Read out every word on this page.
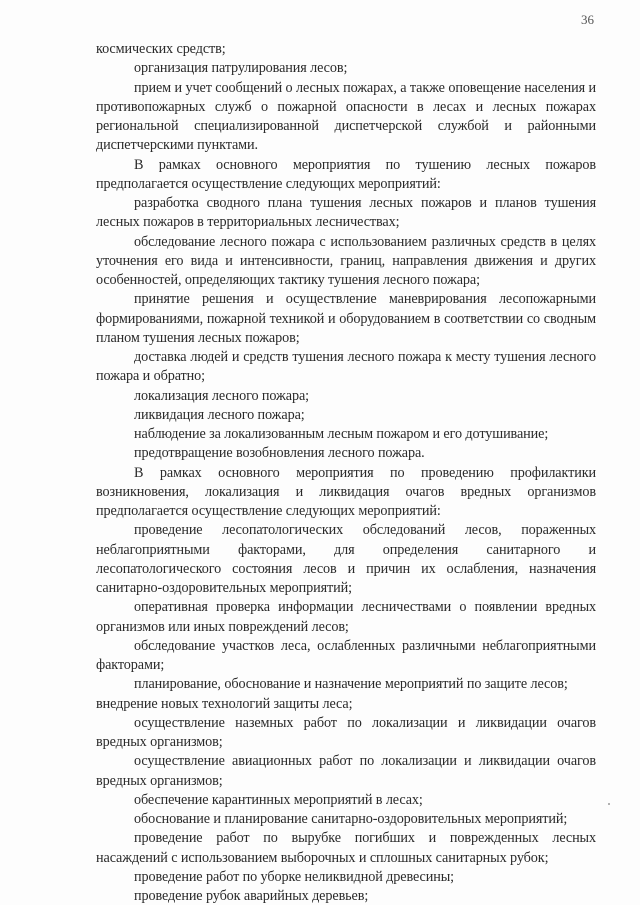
36

космических средств;

организация патрулирования лесов;

прием и учет сообщений о лесных пожарах, а также оповещение населения и противопожарных служб о пожарной опасности в лесах и лесных пожарах региональной специализированной диспетчерской службой и районными диспетчерскими пунктами.

В рамках основного мероприятия по тушению лесных пожаров предполагается осуществление следующих мероприятий:

разработка сводного плана тушения лесных пожаров и планов тушения лесных пожаров в территориальных лесничествах;

обследование лесного пожара с использованием различных средств в целях уточнения его вида и интенсивности, границ, направления движения и других особенностей, определяющих тактику тушения лесного пожара;

принятие решения и осуществление маневрирования лесопожарными формированиями, пожарной техникой и оборудованием в соответствии со сводным планом тушения лесных пожаров;

доставка людей и средств тушения лесного пожара к месту тушения лесного пожара и обратно;

локализация лесного пожара;

ликвидация лесного пожара;

наблюдение за локализованным лесным пожаром и его дотушивание;

предотвращение возобновления лесного пожара.

В рамках основного мероприятия по проведению профилактики возникновения, локализация и ликвидация очагов вредных организмов предполагается осуществление следующих мероприятий:

проведение лесопатологических обследований лесов, пораженных неблагоприятными факторами, для определения санитарного и лесопатологического состояния лесов и причин их ослабления, назначения санитарно-оздоровительных мероприятий;

оперативная проверка информации лесничествами о появлении вредных организмов или иных повреждений лесов;

обследование участков леса, ослабленных различными неблагоприятными факторами;

планирование, обоснование и назначение мероприятий по защите лесов;

внедрение новых технологий защиты леса;

осуществление наземных работ по локализации и ликвидации очагов вредных организмов;

осуществление авиационных работ по локализации и ликвидации очагов вредных организмов;

обеспечение карантинных мероприятий в лесах;

обоснование и планирование санитарно-оздоровительных мероприятий;

проведение работ по вырубке погибших и поврежденных лесных насаждений с использованием выборочных и сплошных санитарных рубок;

проведение работ по уборке неликвидной древесины;

проведение рубок аварийных деревьев;
